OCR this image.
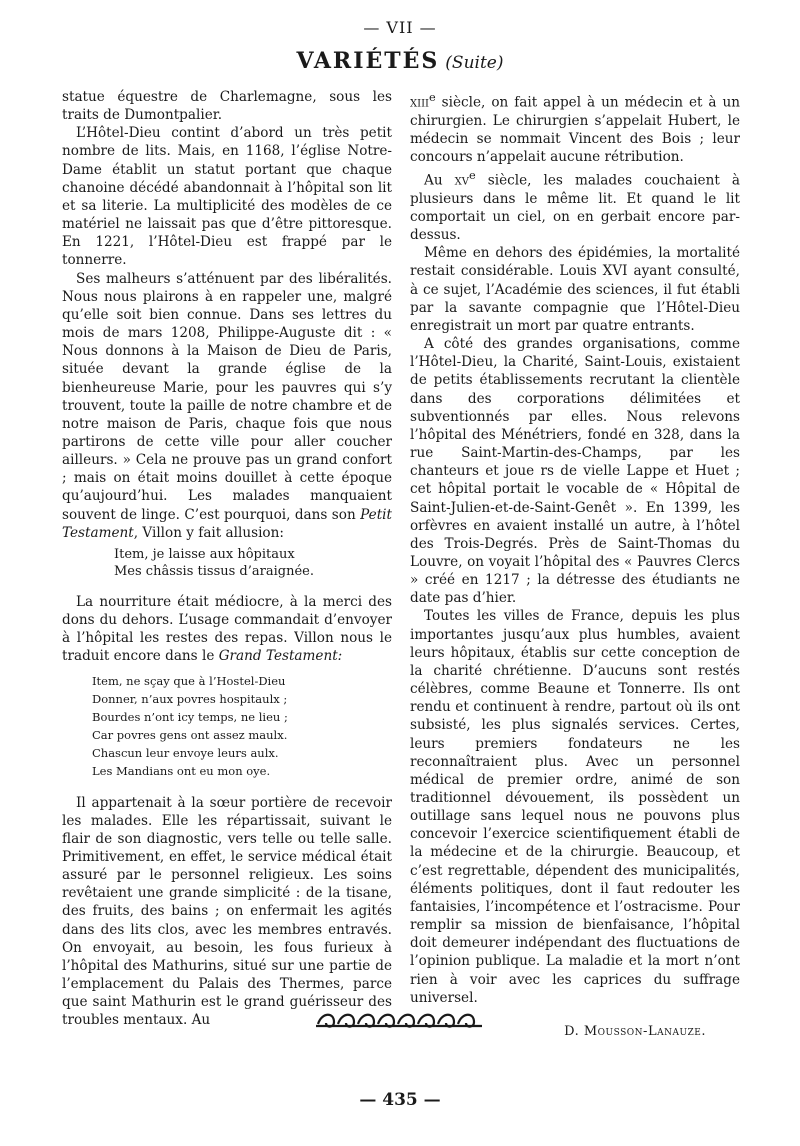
— VII —
VARIÉTÉS (Suite)

statue équestre de Charlemagne, sous les traits de Dumontpalier.

L’Hôtel-Dieu contint d’abord un très petit nombre de lits. Mais, en 1168, l’église Notre-Dame établit un statut portant que chaque chanoine décédé abandonnait à l’hôpital son lit et sa literie. La multiplicité des modèles de ce matériel ne laissait pas que d’être pittoresque. En 1221, l’Hôtel-Dieu est frappé par le tonnerre.

Ses malheurs s’atténuent par des libéralités. Nous nous plairons à en rappeler une, malgré qu’elle soit bien connue. Dans ses lettres du mois de mars 1208, Philippe-Auguste dit : « Nous donnons à la Maison de Dieu de Paris, située devant la grande église de la bienheureuse Marie, pour les pauvres qui s’y trouvent, toute la paille de notre chambre et de notre maison de Paris, chaque fois que nous partirons de cette ville pour aller coucher ailleurs. » Cela ne prouve pas un grand confort ; mais on était moins douillet à cette époque qu’aujourd’hui. Les malades manquaient souvent de linge. C’est pourquoi, dans son Petit Testament, Villon y fait allusion:

Item, je laisse aux hôpitaux
Mes châssis tissus d’araignée.

La nourriture était médiocre, à la merci des dons du dehors. L’usage commandait d’envoyer à l’hôpital les restes des repas. Villon nous le traduit encore dans le Grand Testament:

Item, ne sçay que à l’Hostel-Dieu
Donner, n’aux povres hospitaulx ;
Bourdes n’ont icy temps, ne lieu ;
Car povres gens ont assez maulx.
Chascun leur envoye leurs aulx.
Les Mandians ont eu mon oye.

Il appartenait à la sœur portière de recevoir les malades. Elle les répartissait, suivant le flair de son diagnostic, vers telle ou telle salle. Primitivement, en effet, le service médical était assuré par le personnel religieux. Les soins revêtaient une grande simplicité : de la tisane, des fruits, des bains ; on enfermait les agités dans des lits clos, avec les membres entravés. On envoyait, au besoin, les fous furieux à l’hôpital des Mathurins, situé sur une partie de l’emplacement du Palais des Thermes, parce que saint Mathurin est le grand guérisseur des troubles mentaux. Au

xiii$^e$ siècle, on fait appel à un médecin et à un chirurgien. Le chirurgien s’appelait Hubert, le médecin se nommait Vincent des Bois ; leur concours n’appelait aucune rétribution.

Au $xv^e$ siècle, les malades couchaient à plusieurs dans le même lit. Et quand le lit comportait un ciel, on en gerbait encore par-dessus.

Même en dehors des épidémies, la mortalité restait considérable. Louis XVI ayant consulté, à ce sujet, l’Académie des sciences, il fut établi par la savante compagnie que l’Hôtel-Dieu enregistrait un mort par quatre entrants.

A côté des grandes organisations, comme l’Hôtel-Dieu, la Charité, Saint-Louis, existaient de petits établissements recrutant la clientèle dans des corporations délimitées et subventionnés par elles. Nous relevons l’hôpital des Ménétriers, fondé en 328, dans la rue Saint-Martin-des-Champs, par les chanteurs et joue rs de vielle Lappe et Huet ; cet hôpital portait le vocable de « Hôpital de Saint-Julien-et-de-Saint-Genêt ». En 1399, les orfèvres en avaient installé un autre, à l’hôtel des Trois-Degrés. Près de Saint-Thomas du Louvre, on voyait l’hôpital des « Pauvres Clercs » créé en 1217 ; la détresse des étudiants ne date pas d’hier.

Toutes les villes de France, depuis les plus importantes jusqu’aux plus humbles, avaient leurs hôpitaux, établis sur cette conception de la charité chrétienne. D’aucuns sont restés célèbres, comme Beaune et Tonnerre. Ils ont rendu et continuent à rendre, partout où ils ont subsisté, les plus signalés services. Certes, leurs premiers fondateurs ne les reconnaîtraient plus. Avec un personnel médical de premier ordre, animé de son traditionnel dévouement, ils possèdent un outillage sans lequel nous ne pouvons plus concevoir l’exercice scientifiquement établi de la médecine et de la chirurgie. Beaucoup, et c’est regrettable, dépendent des municipalités, éléments politiques, dont il faut redouter les fantaisies, l’incompétence et l’ostracisme. Pour remplir sa mission de bienfaisance, l’hôpital doit demeurer indépendant des fluctuations de l’opinion publique. La maladie et la mort n’ont rien à voir avec les caprices du suffrage universel.

D. Mousson-Lanauze.
— 435 —
